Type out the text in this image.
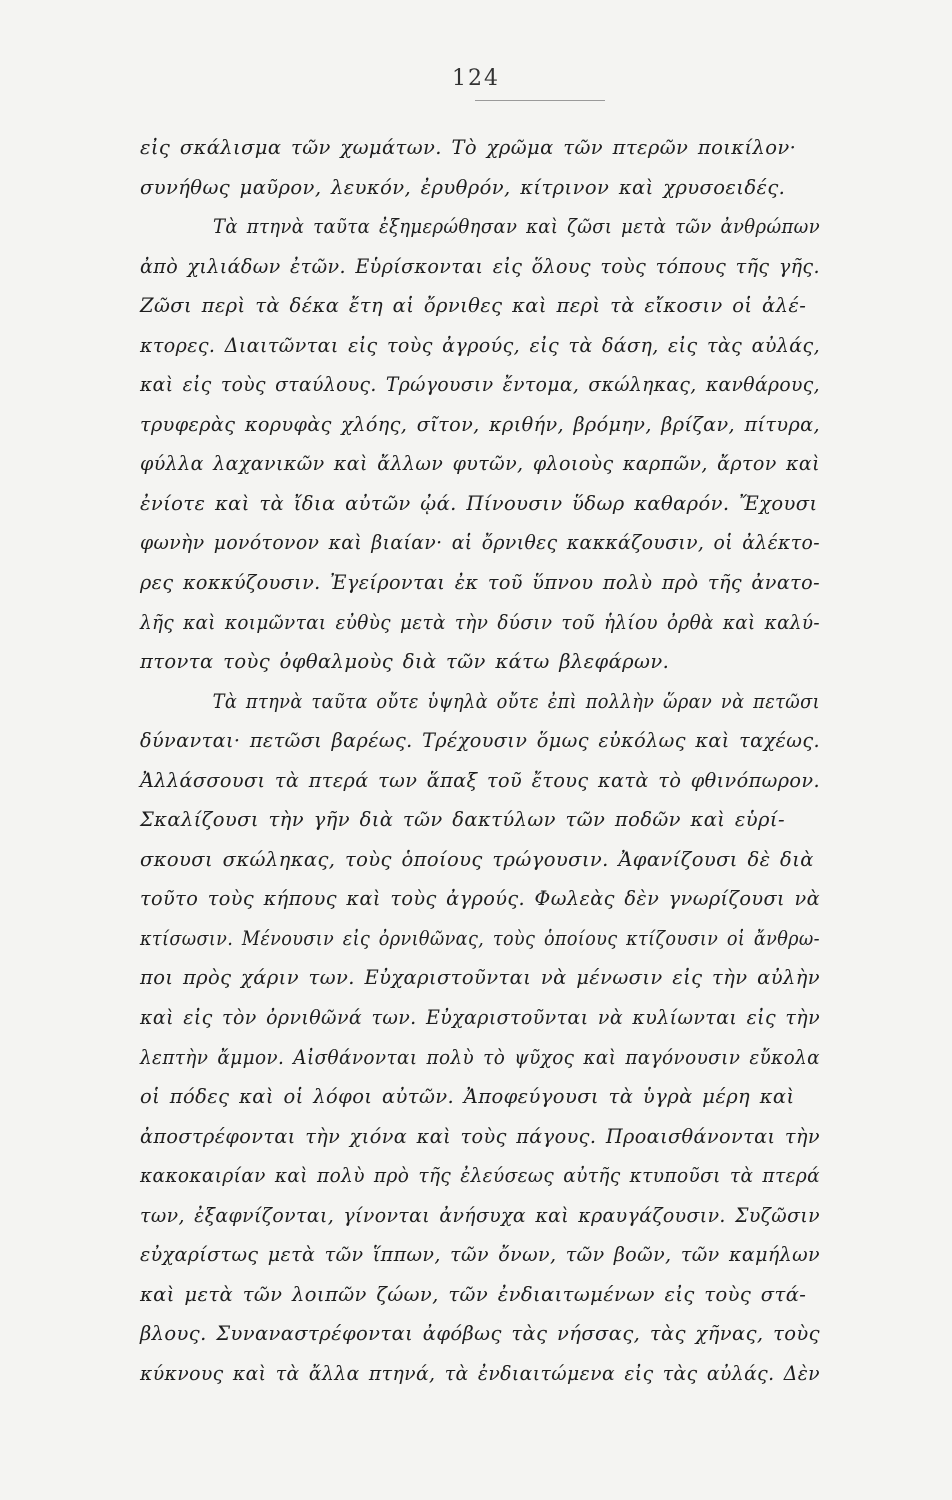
124
εἰς σκάλισμα τῶν χωμάτων. Τὸ χρῶμα τῶν πτερῶν ποικίλον·
συνήθως μαῦρον, λευκόν, ἐρυθρόν, κίτρινον καὶ χρυσοειδές.
Τὰ πτηνὰ ταῦτα ἐξημερώθησαν καὶ ζῶσι μετὰ τῶν ἀνθρώπων
ἀπὸ χιλιάδων ἐτῶν. Εὑρίσκονται εἰς ὅλους τοὺς τόπους τῆς γῆς.
Ζῶσι περὶ τὰ δέκα ἔτη αἱ ὄρνιθες καὶ περὶ τὰ εἴκοσιν οἱ ἀλέ-
κτορες. Διαιτῶνται εἰς τοὺς ἀγρούς, εἰς τὰ δάση, εἰς τὰς αὐλάς,
καὶ εἰς τοὺς σταύλους. Τρώγουσιν ἔντομα, σκώληκας, κανθάρους,
τρυφερὰς κορυφὰς χλόης, σῖτον, κριθήν, βρόμην, βρίζαν, πίτυρα,
φύλλα λαχανικῶν καὶ ἄλλων φυτῶν, φλοιοὺς καρπῶν, ἄρτον καὶ
ἐνίοτε καὶ τὰ ἴδια αὐτῶν ᾠά. Πίνουσιν ὕδωρ καθαρόν. Ἔχουσι
φωνὴν μονότονον καὶ βιαίαν· αἱ ὄρνιθες κακκάζουσιν, οἱ ἀλέκτο-
ρες κοκκύζουσιν. Ἐγείρονται ἐκ τοῦ ὕπνου πολὺ πρὸ τῆς ἀνατο-
λῆς καὶ κοιμῶνται εὐθὺς μετὰ τὴν δύσιν τοῦ ἡλίου ὀρθὰ καὶ καλύ-
πτοντα τοὺς ὀφθαλμοὺς διὰ τῶν κάτω βλεφάρων.
Τὰ πτηνὰ ταῦτα οὔτε ὑψηλὰ οὔτε ἐπὶ πολλὴν ὥραν νὰ πετῶσι
δύνανται· πετῶσι βαρέως. Τρέχουσιν ὅμως εὐκόλως καὶ ταχέως.
Ἀλλάσσουσι τὰ πτερά των ἅπαξ τοῦ ἔτους κατὰ τὸ φθινόπωρον.
Σκαλίζουσι τὴν γῆν διὰ τῶν δακτύλων τῶν ποδῶν καὶ εὑρί-
σκουσι σκώληκας, τοὺς ὁποίους τρώγουσιν. Ἀφανίζουσι δὲ διὰ
τοῦτο τοὺς κήπους καὶ τοὺς ἀγρούς. Φωλεὰς δὲν γνωρίζουσι νὰ
κτίσωσιν. Μένουσιν εἰς ὀρνιθῶνας, τοὺς ὁποίους κτίζουσιν οἱ ἄνθρω-
ποι πρὸς χάριν των. Εὐχαριστοῦνται νὰ μένωσιν εἰς τὴν αὐλὴν
καὶ εἰς τὸν ὀρνιθῶνά των. Εὐχαριστοῦνται νὰ κυλίωνται εἰς τὴν
λεπτὴν ἄμμον. Αἰσθάνονται πολὺ τὸ ψῦχος καὶ παγόνουσιν εὔκολα
οἱ πόδες καὶ οἱ λόφοι αὐτῶν. Ἀποφεύγουσι τὰ ὑγρὰ μέρη καὶ
ἀποστρέφονται τὴν χιόνα καὶ τοὺς πάγους. Προαισθάνονται τὴν
κακοκαιρίαν καὶ πολὺ πρὸ τῆς ἐλεύσεως αὐτῆς κτυποῦσι τὰ πτερά
των, ἐξαφνίζονται, γίνονται ἀνήσυχα καὶ κραυγάζουσιν. Συζῶσιν
εὐχαρίστως μετὰ τῶν ἵππων, τῶν ὄνων, τῶν βοῶν, τῶν καμήλων
καὶ μετὰ τῶν λοιπῶν ζώων, τῶν ἐνδιαιτωμένων εἰς τοὺς στά-
βλους. Συναναστρέφονται ἀφόβως τὰς νήσσας, τὰς χῆνας, τοὺς
κύκνους καὶ τὰ ἄλλα πτηνά, τὰ ἐνδιαιτώμενα εἰς τὰς αὐλάς. Δὲν
